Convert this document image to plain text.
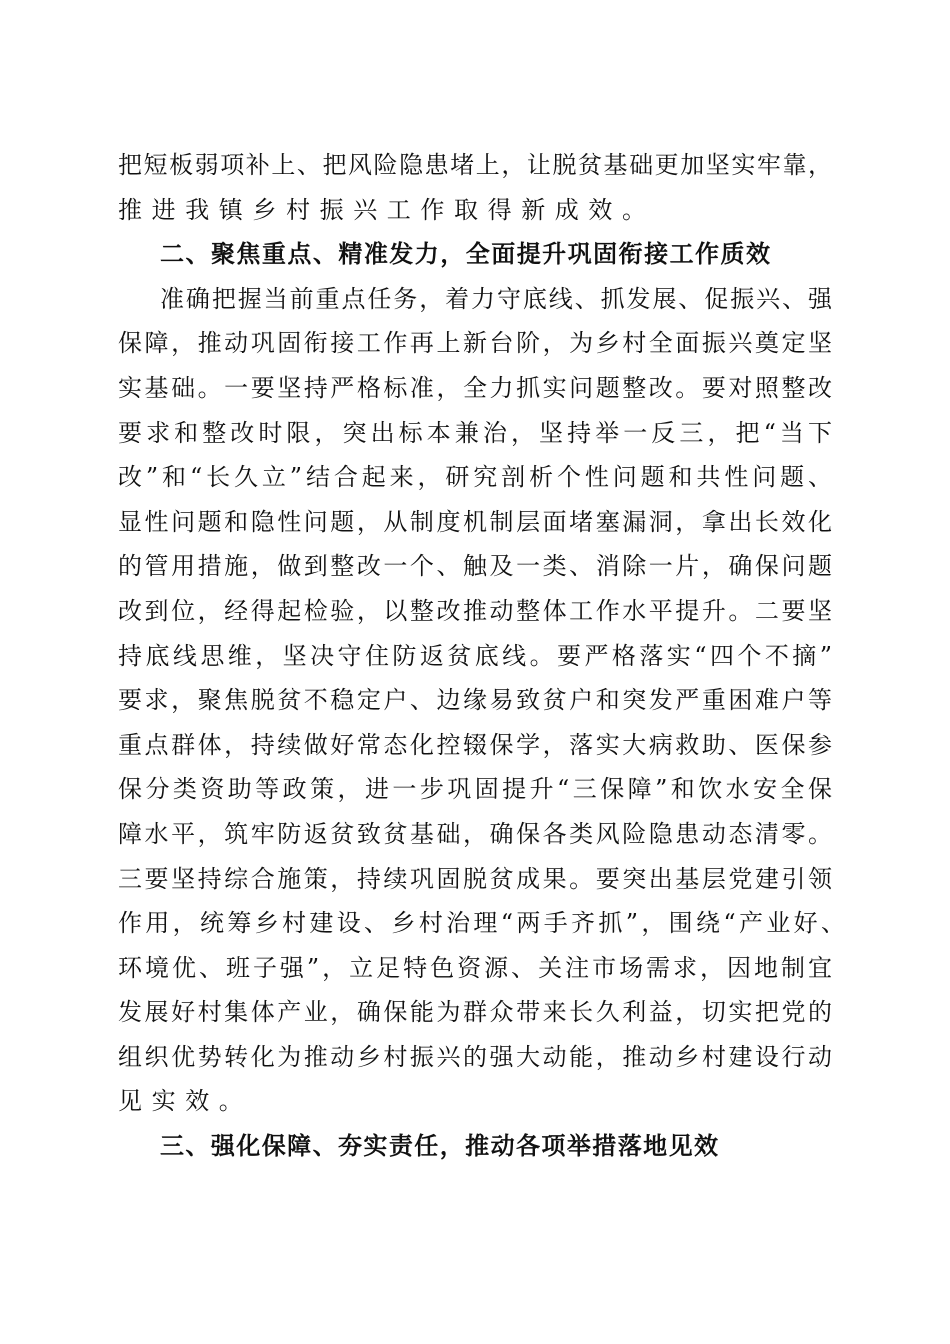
把短板弱项补上、把风险隐患堵上，让脱贫基础更加坚实牢靠，
推进我镇乡村振兴工作取得新成效。
二、聚焦重点、精准发力，全面提升巩固衔接工作质效
准确把握当前重点任务，着力守底线、抓发展、促振兴、强
保障，推动巩固衔接工作再上新台阶，为乡村全面振兴奠定坚
实基础。一要坚持严格标准，全力抓实问题整改。要对照整改
要求和整改时限，突出标本兼治，坚持举一反三，把“当下
改”和“长久立”结合起来，研究剖析个性问题和共性问题、
显性问题和隐性问题，从制度机制层面堵塞漏洞，拿出长效化
的管用措施，做到整改一个、触及一类、消除一片，确保问题
改到位，经得起检验，以整改推动整体工作水平提升。二要坚
持底线思维，坚决守住防返贫底线。要严格落实“四个不摘”
要求，聚焦脱贫不稳定户、边缘易致贫户和突发严重困难户等
重点群体，持续做好常态化控辍保学，落实大病救助、医保参
保分类资助等政策，进一步巩固提升“三保障”和饮水安全保
障水平，筑牢防返贫致贫基础，确保各类风险隐患动态清零。
三要坚持综合施策，持续巩固脱贫成果。要突出基层党建引领
作用，统筹乡村建设、乡村治理“两手齐抓”，围绕“产业好、
环境优、班子强”，立足特色资源、关注市场需求，因地制宜
发展好村集体产业，确保能为群众带来长久利益，切实把党的
组织优势转化为推动乡村振兴的强大动能，推动乡村建设行动
见实效。
三、强化保障、夯实责任，推动各项举措落地见效
